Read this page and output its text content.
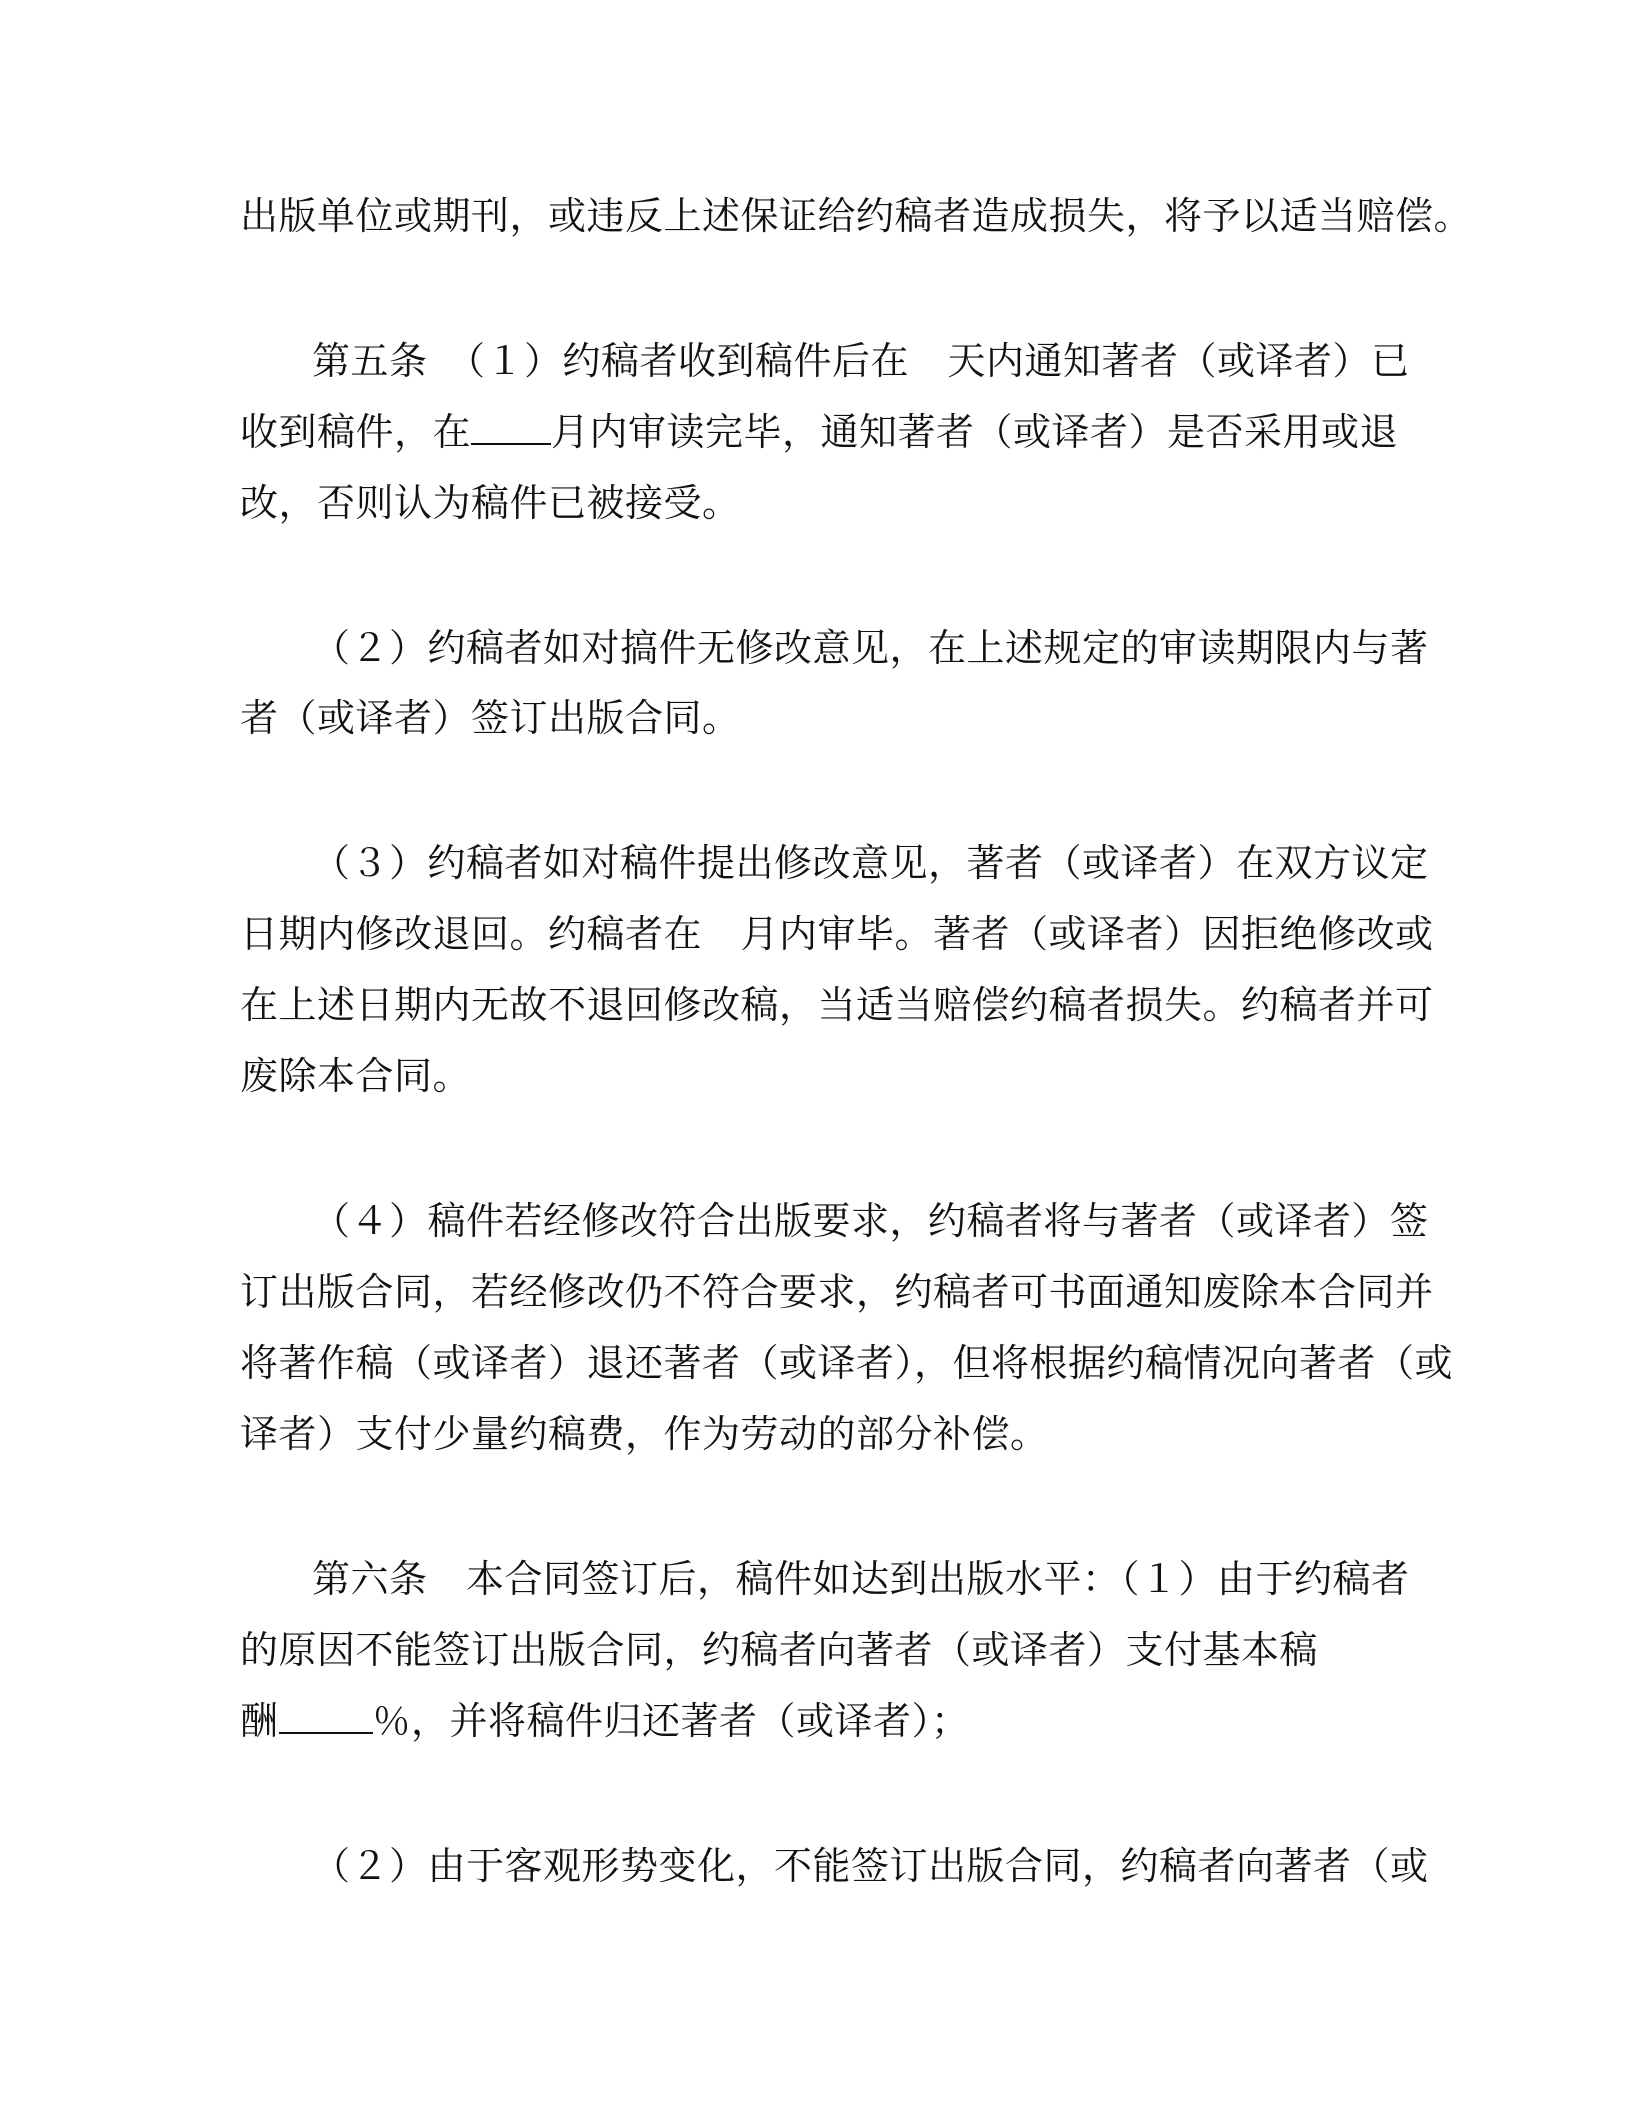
出版单位或期刊，或违反上述保证给约稿者造成损失，将予以适当赔偿。
第五条　（１）约稿者收到稿件后在　天内通知著者（或译者）已
收到稿件，在 月内审读完毕，通知著者（或译者）是否采用或退
改，否则认为稿件已被接受。
（２）约稿者如对搞件无修改意见，在上述规定的审读期限内与著
者（或译者）签订出版合同。
（３）约稿者如对稿件提出修改意见，著者（或译者）在双方议定
日期内修改退回。约稿者在　月内审毕。著者（或译者）因拒绝修改或
在上述日期内无故不退回修改稿，当适当赔偿约稿者损失。约稿者并可
废除本合同。
（４）稿件若经修改符合出版要求，约稿者将与著者（或译者）签
订出版合同，若经修改仍不符合要求，约稿者可书面通知废除本合同并
将著作稿（或译者）退还著者（或译者），但将根据约稿情况向著者（或
译者）支付少量约稿费，作为劳动的部分补偿。
第六条　本合同签订后，稿件如达到出版水平：（１）由于约稿者
的原因不能签订出版合同，约稿者向著者（或译者）支付基本稿
酬 ％，并将稿件归还著者（或译者）；
（２）由于客观形势变化，不能签订出版合同，约稿者向著者（或
